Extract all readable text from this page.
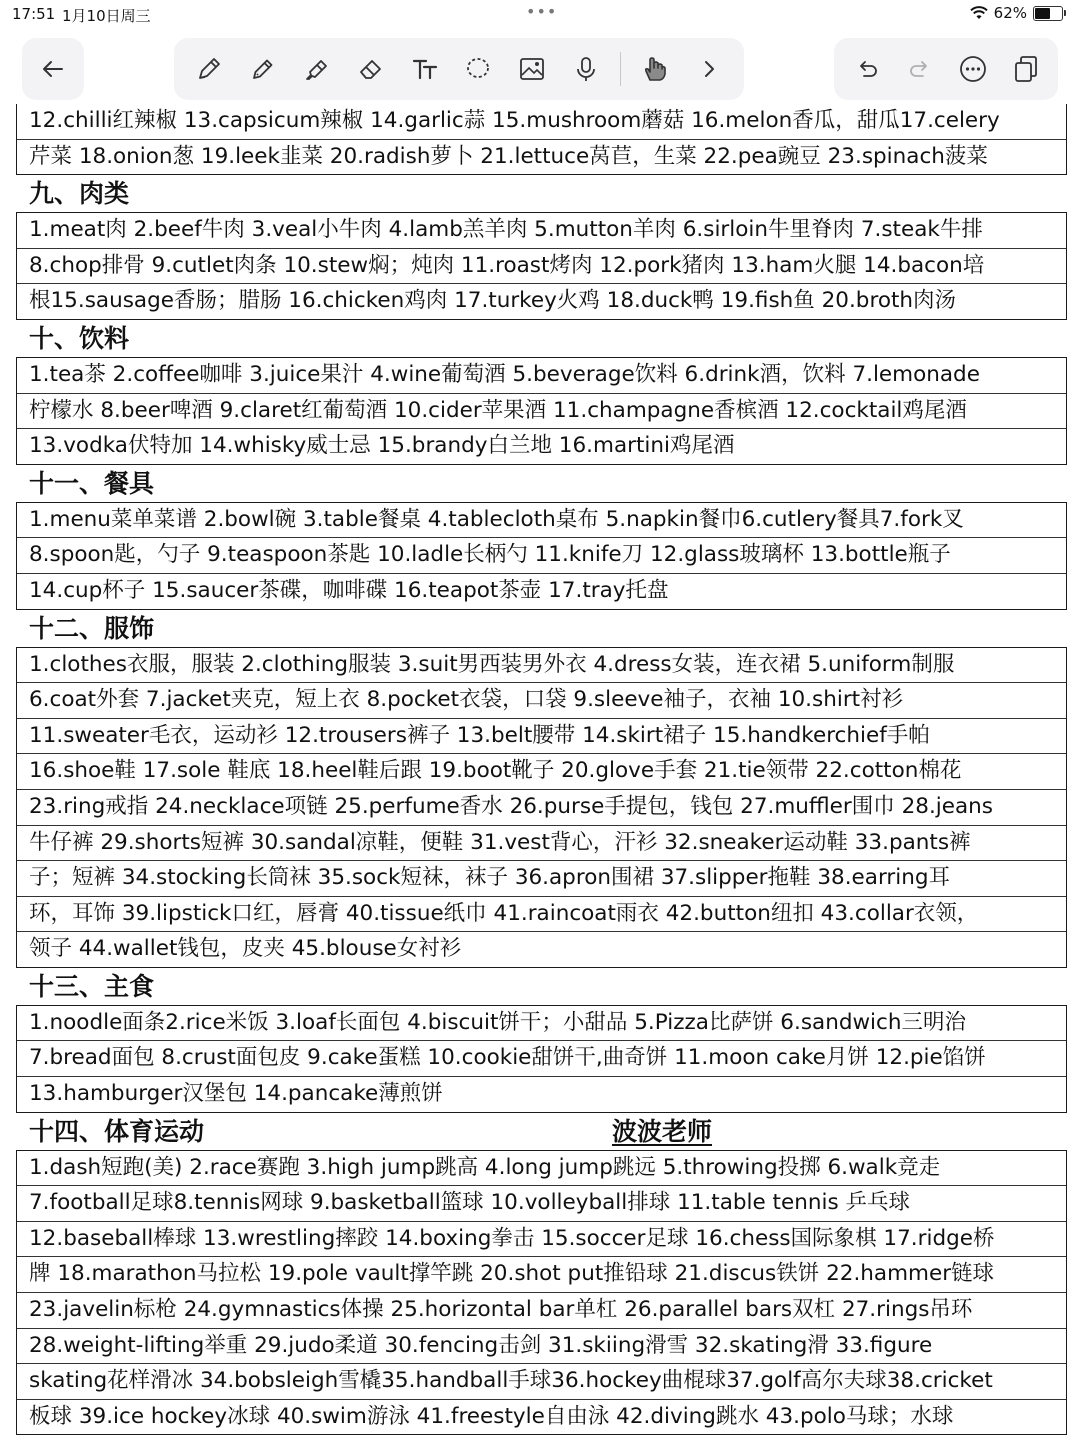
17:51 1月10日周三	•••	62%
12.chilli红辣椒 13.capsicum辣椒 14.garlic蒜 15.mushroom蘑菇 16.melon香瓜，甜瓜17.celery
芹菜 18.onion葱 19.leek韭菜 20.radish萝卜 21.lettuce莴苣，生菜 22.pea豌豆 23.spinach菠菜
九、肉类
1.meat肉 2.beef牛肉 3.veal小牛肉 4.lamb羔羊肉 5.mutton羊肉 6.sirloin牛里脊肉 7.steak牛排
8.chop排骨 9.cutlet肉条 10.stew焖；炖肉 11.roast烤肉 12.pork猪肉 13.ham火腿 14.bacon培
根15.sausage香肠；腊肠 16.chicken鸡肉 17.turkey火鸡 18.duck鸭 19.fish鱼 20.broth肉汤
十、饮料
1.tea茶 2.coffee咖啡 3.juice果汁 4.wine葡萄酒 5.beverage饮料 6.drink酒，饮料 7.lemonade
柠檬水 8.beer啤酒 9.claret红葡萄酒 10.cider苹果酒 11.champagne香槟酒 12.cocktail鸡尾酒
13.vodka伏特加 14.whisky威士忌 15.brandy白兰地 16.martini鸡尾酒
十一、餐具
1.menu菜单菜谱 2.bowl碗 3.table餐桌 4.tablecloth桌布 5.napkin餐巾6.cutlery餐具7.fork叉
8.spoon匙，勺子 9.teaspoon茶匙 10.ladle长柄勺 11.knife刀 12.glass玻璃杯 13.bottle瓶子
14.cup杯子 15.saucer茶碟，咖啡碟 16.teapot茶壶 17.tray托盘
十二、服饰
1.clothes衣服，服装 2.clothing服装 3.suit男西装男外衣 4.dress女装，连衣裙 5.uniform制服
6.coat外套 7.jacket夹克，短上衣 8.pocket衣袋，口袋 9.sleeve袖子，衣袖 10.shirt衬衫
11.sweater毛衣，运动衫 12.trousers裤子 13.belt腰带 14.skirt裙子 15.handkerchief手帕
16.shoe鞋 17.sole 鞋底 18.heel鞋后跟 19.boot靴子 20.glove手套 21.tie领带 22.cotton棉花
23.ring戒指 24.necklace项链 25.perfume香水 26.purse手提包，钱包 27.muffler围巾 28.jeans
牛仔裤 29.shorts短裤 30.sandal凉鞋，便鞋 31.vest背心，汗衫 32.sneaker运动鞋 33.pants裤
子；短裤 34.stocking长筒袜 35.sock短袜，袜子 36.apron围裙 37.slipper拖鞋 38.earring耳
环，耳饰 39.lipstick口红，唇膏 40.tissue纸巾 41.raincoat雨衣 42.button纽扣 43.collar衣领，
领子 44.wallet钱包，皮夹 45.blouse女衬衫
十三、主食
1.noodle面条2.rice米饭 3.loaf长面包 4.biscuit饼干；小甜品 5.Pizza比萨饼 6.sandwich三明治
7.bread面包 8.crust面包皮 9.cake蛋糕 10.cookie甜饼干,曲奇饼 11.moon cake月饼 12.pie馅饼
13.hamburger汉堡包 14.pancake薄煎饼
十四、体育运动	波波老师
1.dash短跑(美) 2.race赛跑 3.high jump跳高 4.long jump跳远 5.throwing投掷 6.walk竞走
7.football足球8.tennis网球 9.basketball篮球 10.volleyball排球 11.table tennis 乒乓球
12.baseball棒球 13.wrestling摔跤 14.boxing拳击 15.soccer足球 16.chess国际象棋 17.ridge桥
牌 18.marathon马拉松 19.pole vault撑竿跳 20.shot put推铅球 21.discus铁饼 22.hammer链球
23.javelin标枪 24.gymnastics体操 25.horizontal bar单杠 26.parallel bars双杠 27.rings吊环
28.weight-lifting举重 29.judo柔道 30.fencing击剑 31.skiing滑雪 32.skating滑 33.figure
skating花样滑冰 34.bobsleigh雪橇35.handball手球36.hockey曲棍球37.golf高尔夫球38.cricket
板球 39.ice hockey冰球 40.swim游泳 41.freestyle自由泳 42.diving跳水 43.polo马球；水球
